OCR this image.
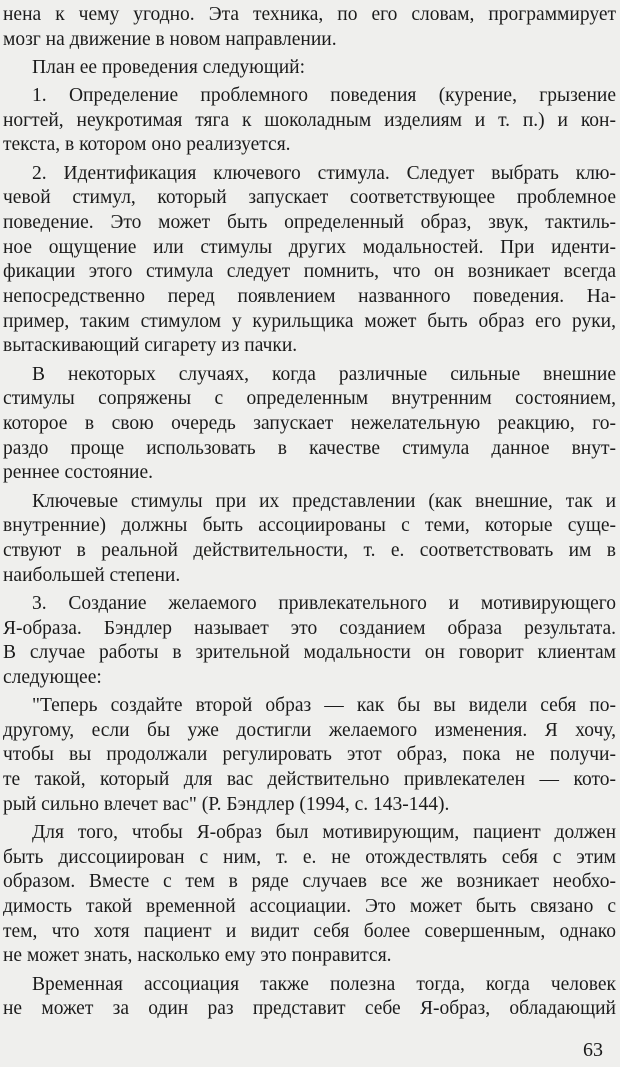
нена к чему угодно. Эта техника, по его словам, программирует
мозг на движение в новом направлении.
План ее проведения следующий:
1. Определение проблемного поведения (курение, грызение
ногтей, неукротимая тяга к шоколадным изделиям и т. п.) и кон-
текста, в котором оно реализуется.
2. Идентификация ключевого стимула. Следует выбрать клю-
чевой стимул, который запускает соответствующее проблемное
поведение. Это может быть определенный образ, звук, тактиль-
ное ощущение или стимулы других модальностей. При иденти-
фикации этого стимула следует помнить, что он возникает всегда
непосредственно перед появлением названного поведения. На-
пример, таким стимулом у курильщика может быть образ его руки,
вытаскивающий сигарету из пачки.
В некоторых случаях, когда различные сильные внешние
стимулы сопряжены с определенным внутренним состоянием,
которое в свою очередь запускает нежелательную реакцию, го-
раздо проще использовать в качестве стимула данное внут-
реннее состояние.
Ключевые стимулы при их представлении (как внешние, так и
внутренние) должны быть ассоциированы с теми, которые суще-
ствуют в реальной действительности, т. е. соответствовать им в
наибольшей степени.
3. Создание желаемого привлекательного и мотивирующего
Я-образа. Бэндлер называет это созданием образа результата.
В случае работы в зрительной модальности он говорит клиентам
следующее:
"Теперь создайте второй образ — как бы вы видели себя по-
другому, если бы уже достигли желаемого изменения. Я хочу,
чтобы вы продолжали регулировать этот образ, пока не получи-
те такой, который для вас действительно привлекателен — кото-
рый сильно влечет вас" (Р. Бэндлер (1994, с. 143-144).
Для того, чтобы Я-образ был мотивирующим, пациент должен
быть диссоциирован с ним, т. е. не отождествлять себя с этим
образом. Вместе с тем в ряде случаев все же возникает необхо-
димость такой временной ассоциации. Это может быть связано с
тем, что хотя пациент и видит себя более совершенным, однако
не может знать, насколько ему это понравится.
Временная ассоциация также полезна тогда, когда человек
не может за один раз представит себе Я-образ, обладающий
63
